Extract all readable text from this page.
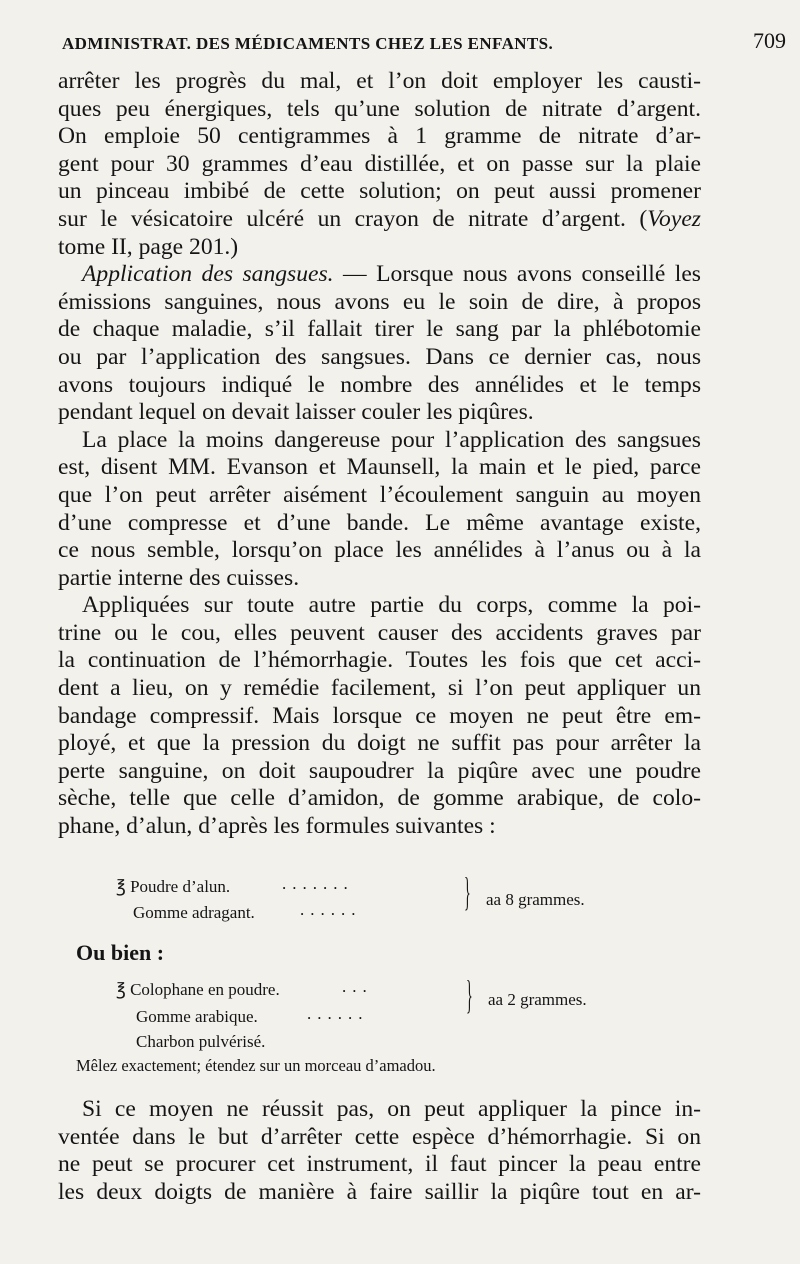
ADMINISTRAT. DES MÉDICAMENTS CHEZ LES ENFANTS.	709
arrêter les progrès du mal, et l’on doit employer les causti-
ques peu énergiques, tels qu’une solution de nitrate d’argent.
On emploie 50 centigrammes à 1 gramme de nitrate d’ar-
gent pour 30 grammes d’eau distillée, et on passe sur la plaie
un pinceau imbibé de cette solution; on peut aussi promener
sur le vésicatoire ulcéré un crayon de nitrate d’argent. (Voyez
tome II, page 201.)
Application des sangsues. — Lorsque nous avons conseillé les
émissions sanguines, nous avons eu le soin de dire, à propos
de chaque maladie, s’il fallait tirer le sang par la phlébotomie
ou par l’application des sangsues. Dans ce dernier cas, nous
avons toujours indiqué le nombre des annélides et le temps
pendant lequel on devait laisser couler les piqûres.
La place la moins dangereuse pour l’application des sangsues
est, disent MM. Evanson et Maunsell, la main et le pied, parce
que l’on peut arrêter aisément l’écoulement sanguin au moyen
d’une compresse et d’une bande. Le même avantage existe,
ce nous semble, lorsqu’on place les annélides à l’anus ou à la
partie interne des cuisses.
Appliquées sur toute autre partie du corps, comme la poi-
trine ou le cou, elles peuvent causer des accidents graves par
la continuation de l’hémorrhagie. Toutes les fois que cet acci-
dent a lieu, on y remédie facilement, si l’on peut appliquer un
bandage compressif. Mais lorsque ce moyen ne peut être em-
ployé, et que la pression du doigt ne suffit pas pour arrêter la
perte sanguine, on doit saupoudrer la piqûre avec une poudre
sèche, telle que celle d’amidon, de gomme arabique, de colo-
phane, d’alun, d’après les formules suivantes :
℥ Poudre d’alun.	.......
Gomme adragant.	......	} aa 8 grammes.
Ou bien :
℥ Colophane en poudre.	...
Gomme arabique.	......
Charbon pulvérisé.
} aa 2 grammes.
Mêlez exactement; étendez sur un morceau d’amadou.
Si ce moyen ne réussit pas, on peut appliquer la pince in-
ventée dans le but d’arrêter cette espèce d’hémorrhagie. Si on
ne peut se procurer cet instrument, il faut pincer la peau entre
les deux doigts de manière à faire saillir la piqûre tout en ar-
